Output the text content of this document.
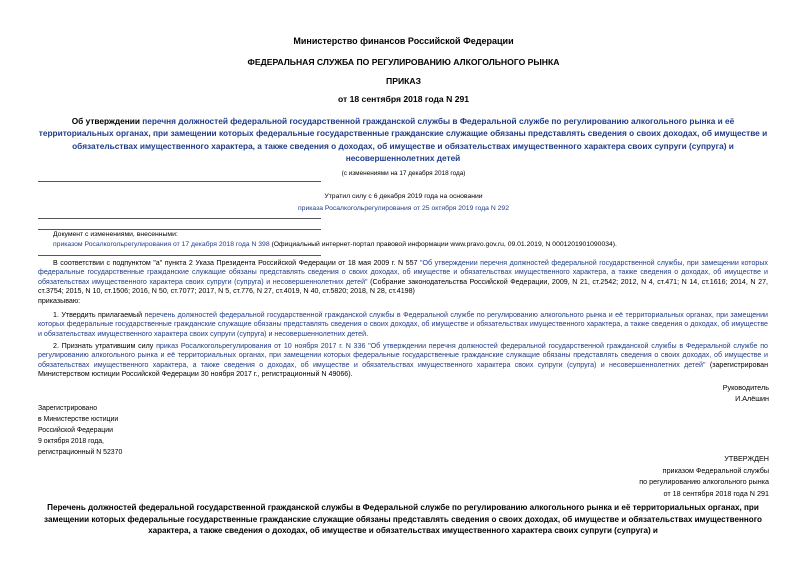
Министерство финансов Российской Федерации
ФЕДЕРАЛЬНАЯ СЛУЖБА ПО РЕГУЛИРОВАНИЮ АЛКОГОЛЬНОГО РЫНКА
ПРИКАЗ
от 18 сентября 2018 года N 291
Об утверждении перечня должностей федеральной государственной гражданской службы в Федеральной службе по регулированию алкогольного рынка и её территориальных органах, при замещении которых федеральные государственные гражданские служащие обязаны представлять сведения о своих доходах, об имуществе и обязательствах имущественного характера, а также сведения о доходах, об имуществе и обязательствах имущественного характера своих супруги (супруга) и несовершеннолетних детей
(с изменениями на 17 декабря 2018 года)
Утратил силу с 6 декабря 2019 года на основании
приказа Росалкогольрегулирования от 25 октября 2019 года N 292
Документ с изменениями, внесенными:
приказом Росалкогольрегулирования от 17 декабря 2018 года N 398 (Официальный интернет-портал правовой информации www.pravo.gov.ru, 09.01.2019, N 0001201901090034).
В соответствии с подпунктом "а" пункта 2 Указа Президента Российской Федерации от 18 мая 2009 г. N 557 "Об утверждении перечня должностей федеральной государственной службы, при замещении которых федеральные государственные гражданские служащие обязаны представлять сведения о своих доходах, об имуществе и обязательствах имущественного характера, а также сведения о доходах, об имуществе и обязательствах имущественного характера своих супруги (супруга) и несовершеннолетних детей" (Собрание законодательства Российской Федерации, 2009, N 21, ст.2542; 2012, N 4, ст.471; N 14, ст.1616; 2014, N 27, ст.3754; 2015, N 10, ст.1506; 2016, N 50, ст.7077; 2017, N 5, ст.776, N 27, ст.4019, N 40, ст.5820; 2018, N 28, ст.4198)
приказываю:
1. Утвердить прилагаемый перечень должностей федеральной государственной гражданской службы в Федеральной службе по регулированию алкогольного рынка и её территориальных органах, при замещении которых федеральные государственные гражданские служащие обязаны представлять сведения о своих доходах, об имуществе и обязательствах имущественного характера, а также сведения о доходах, об имуществе и обязательствах имущественного характера своих супруги (супруга) и несовершеннолетних детей.
2. Признать утратившим силу приказ Росалкогольрегулирования от 10 ноября 2017 г. N 336 "Об утверждении перечня должностей федеральной государственной гражданской службы в Федеральной службе по регулированию алкогольного рынка и её территориальных органах, при замещении которых федеральные государственные гражданские служащие обязаны представлять сведения о своих доходах, об имуществе и обязательствах имущественного характера, а также сведения о доходах, об имуществе и обязательствах имущественного характера своих супруги (супруга) и несовершеннолетних детей" (зарегистрирован Министерством юстиции Российской Федерации 30 ноября 2017 г., регистрационный N 49066).
Руководитель
И.Алёшин
Зарегистрировано
в Министерстве юстиции
Российской Федерации
9 октября 2018 года,
регистрационный N 52370
УТВЕРЖДЕН
приказом Федеральной службы
по регулированию алкогольного рынка
от 18 сентября 2018 года N 291
Перечень должностей федеральной государственной гражданской службы в Федеральной службе по регулированию алкогольного рынка и её территориальных органах, при замещении которых федеральные государственные гражданские служащие обязаны представлять сведения о своих доходах, об имуществе и обязательствах имущественного характера, а также сведения о доходах, об имуществе и обязательствах имущественного характера своих супруги (супруга) и
